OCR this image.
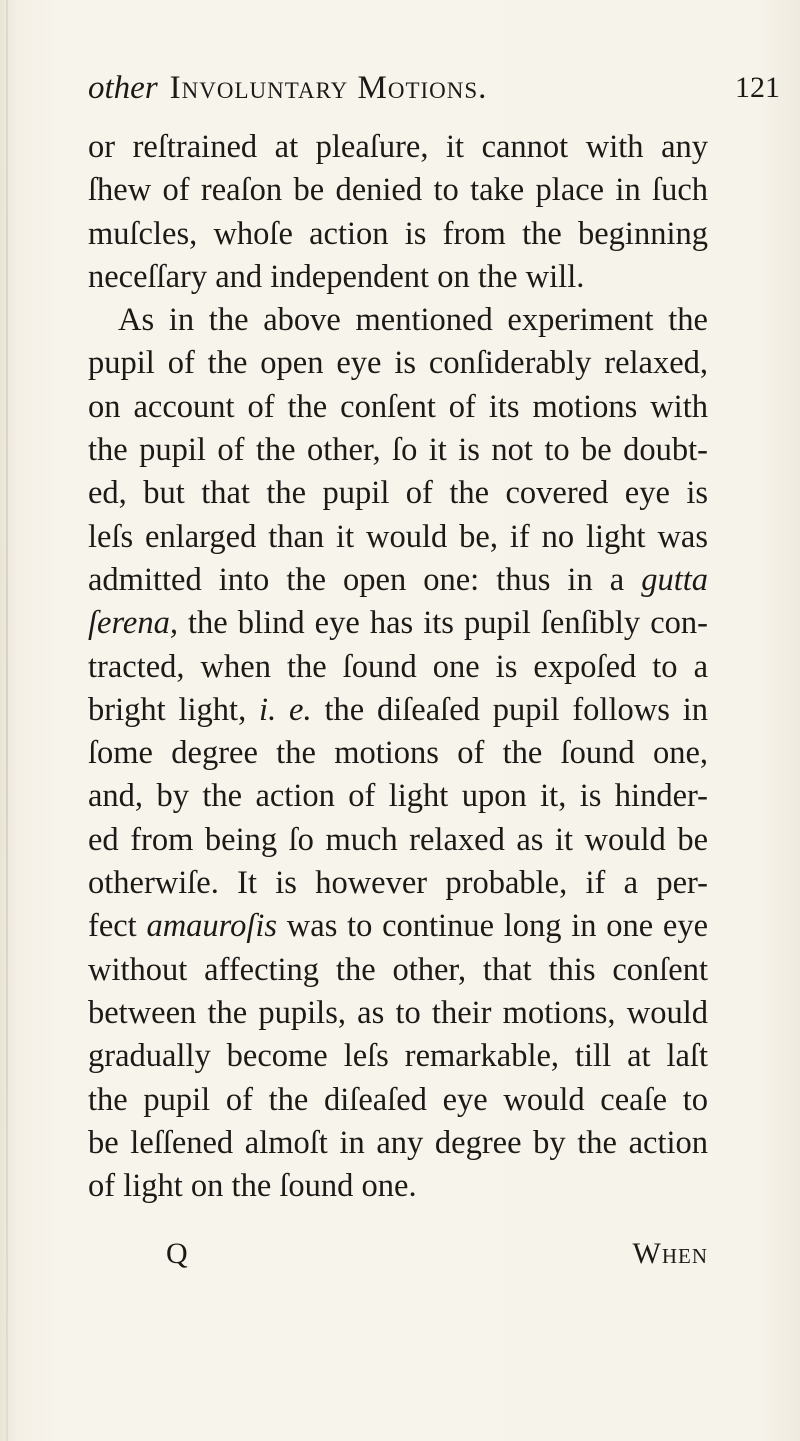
other Involuntary Motions.	121
or reſtrained at pleaſure, it cannot with any
ſhew of reaſon be denied to take place in ſuch
muſcles, whoſe action is from the beginning
neceſſary and independent on the will.
As in the above mentioned experiment the
pupil of the open eye is conſiderably relaxed,
on account of the conſent of its motions with
the pupil of the other, ſo it is not to be doubt-
ed, but that the pupil of the covered eye is
leſs enlarged than it would be, if no light was
admitted into the open one: thus in a gutta
ſerena, the blind eye has its pupil ſenſibly con-
tracted, when the ſound one is expoſed to a
bright light, i. e. the diſeaſed pupil follows in
ſome degree the motions of the ſound one,
and, by the action of light upon it, is hinder-
ed from being ſo much relaxed as it would be
otherwiſe. It is however probable, if a per-
fect amauroſis was to continue long in one eye
without affecting the other, that this conſent
between the pupils, as to their motions, would
gradually become leſs remarkable, till at laſt
the pupil of the diſeaſed eye would ceaſe to
be leſſened almoſt in any degree by the action
of light on the ſound one.
Q	When
